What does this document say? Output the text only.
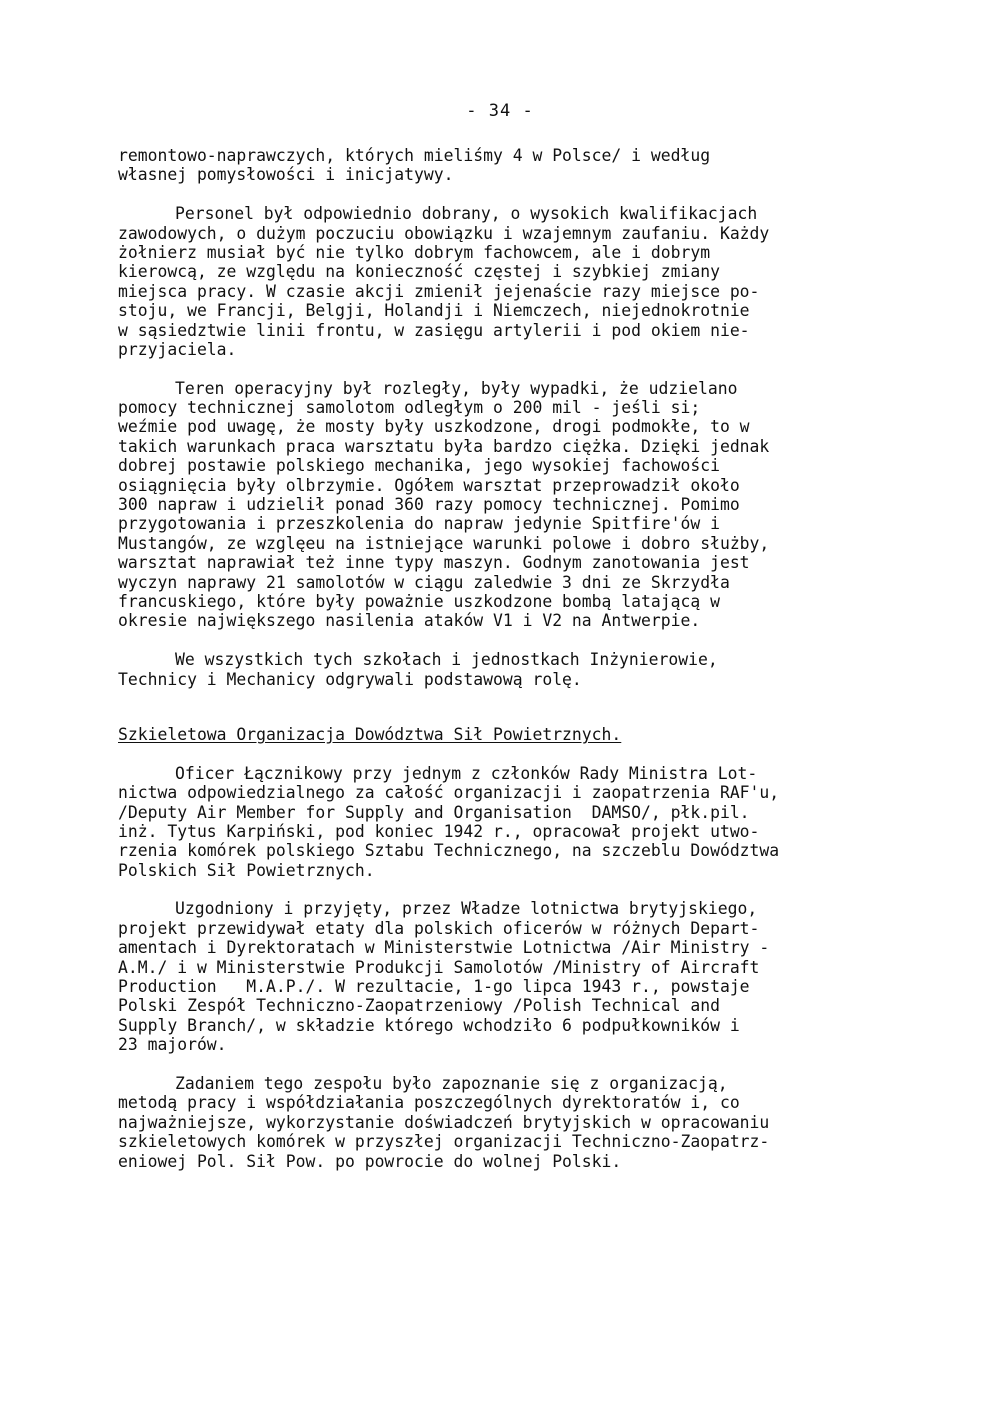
- 34 -
remontowo-naprawczych, których mieliśmy 4 w Polsce/ i według
własnej pomysłowości i inicjatywy.
Personel był odpowiednio dobrany, o wysokich kwalifikacjach
zawodowych, o dużym poczuciu obowiązku i wzajemnym zaufaniu. Każdy
żołnierz musiał być nie tylko dobrym fachowcem, ale i dobrym
kierowcą, ze względu na konieczność częstej i szybkiej zmiany
miejsca pracy. W czasie akcji zmienił jejenaście razy miejsce po-
stoju, we Francji, Belgji, Holandji i Niemczech, niejednokrotnie
w sąsiedztwie linii frontu, w zasięgu artylerii i pod okiem nie-
przyjaciela.
Teren operacyjny był rozległy, były wypadki, że udzielano
pomocy technicznej samolotom odległym o 200 mil - jeśli si;
weźmie pod uwagę, że mosty były uszkodzone, drogi podmokłe, to w
takich warunkach praca warsztatu była bardzo ciężka. Dzięki jednak
dobrej postawie polskiego mechanika, jego wysokiej fachowości
osiągnięcia były olbrzymie. Ogółem warsztat przeprowadził około
300 napraw i udzielił ponad 360 razy pomocy technicznej. Pomimo
przygotowania i przeszkolenia do napraw jedynie Spitfire'ów i
Mustangów, ze wzglęeu na istniejące warunki polowe i dobro służby,
warsztat naprawiał też inne typy maszyn. Godnym zanotowania jest
wyczyn naprawy 21 samolotów w ciągu zaledwie 3 dni ze Skrzydła
francuskiego, które były poważnie uszkodzone bombą latającą w
okresie największego nasilenia ataków V1 i V2 na Antwerpie.
We wszystkich tych szkołach i jednostkach Inżynierowie,
Technicy i Mechanicy odgrywali podstawową rolę.
Szkieletowa Organizacja Dowództwa Sił Powietrznych.
Oficer Łącznikowy przy jednym z członków Rady Ministra Lot-
nictwa odpowiedzialnego za całość organizacji i zaopatrzenia RAF'u,
/Deputy Air Member for Supply and Organisation  DAMSO/, płk.pil.
inż. Tytus Karpiński, pod koniec 1942 r., opracował projekt utwo-
rzenia komórek polskiego Sztabu Technicznego, na szczeblu Dowództwa
Polskich Sił Powietrznych.
Uzgodniony i przyjęty, przez Władze lotnictwa brytyjskiego,
projekt przewidywał etaty dla polskich oficerów w różnych Depart-
amentach i Dyrektoratach w Ministerstwie Lotnictwa /Air Ministry -
A.M./ i w Ministerstwie Produkcji Samolotów /Ministry of Aircraft
Production   M.A.P./. W rezultacie, 1-go lipca 1943 r., powstaje
Polski Zespół Techniczno-Zaopatrzeniowy /Polish Technical and
Supply Branch/, w składzie którego wchodziło 6 podpułkowników i
23 majorów.
Zadaniem tego zespołu było zapoznanie się z organizacją,
metodą pracy i współdziałania poszczególnych dyrektoratów i, co
najważniejsze, wykorzystanie doświadczeń brytyjskich w opracowaniu
szkieletowych komórek w przyszłej organizacji Techniczno-Zaopatrz-
eniowej Pol. Sił Pow. po powrocie do wolnej Polski.
